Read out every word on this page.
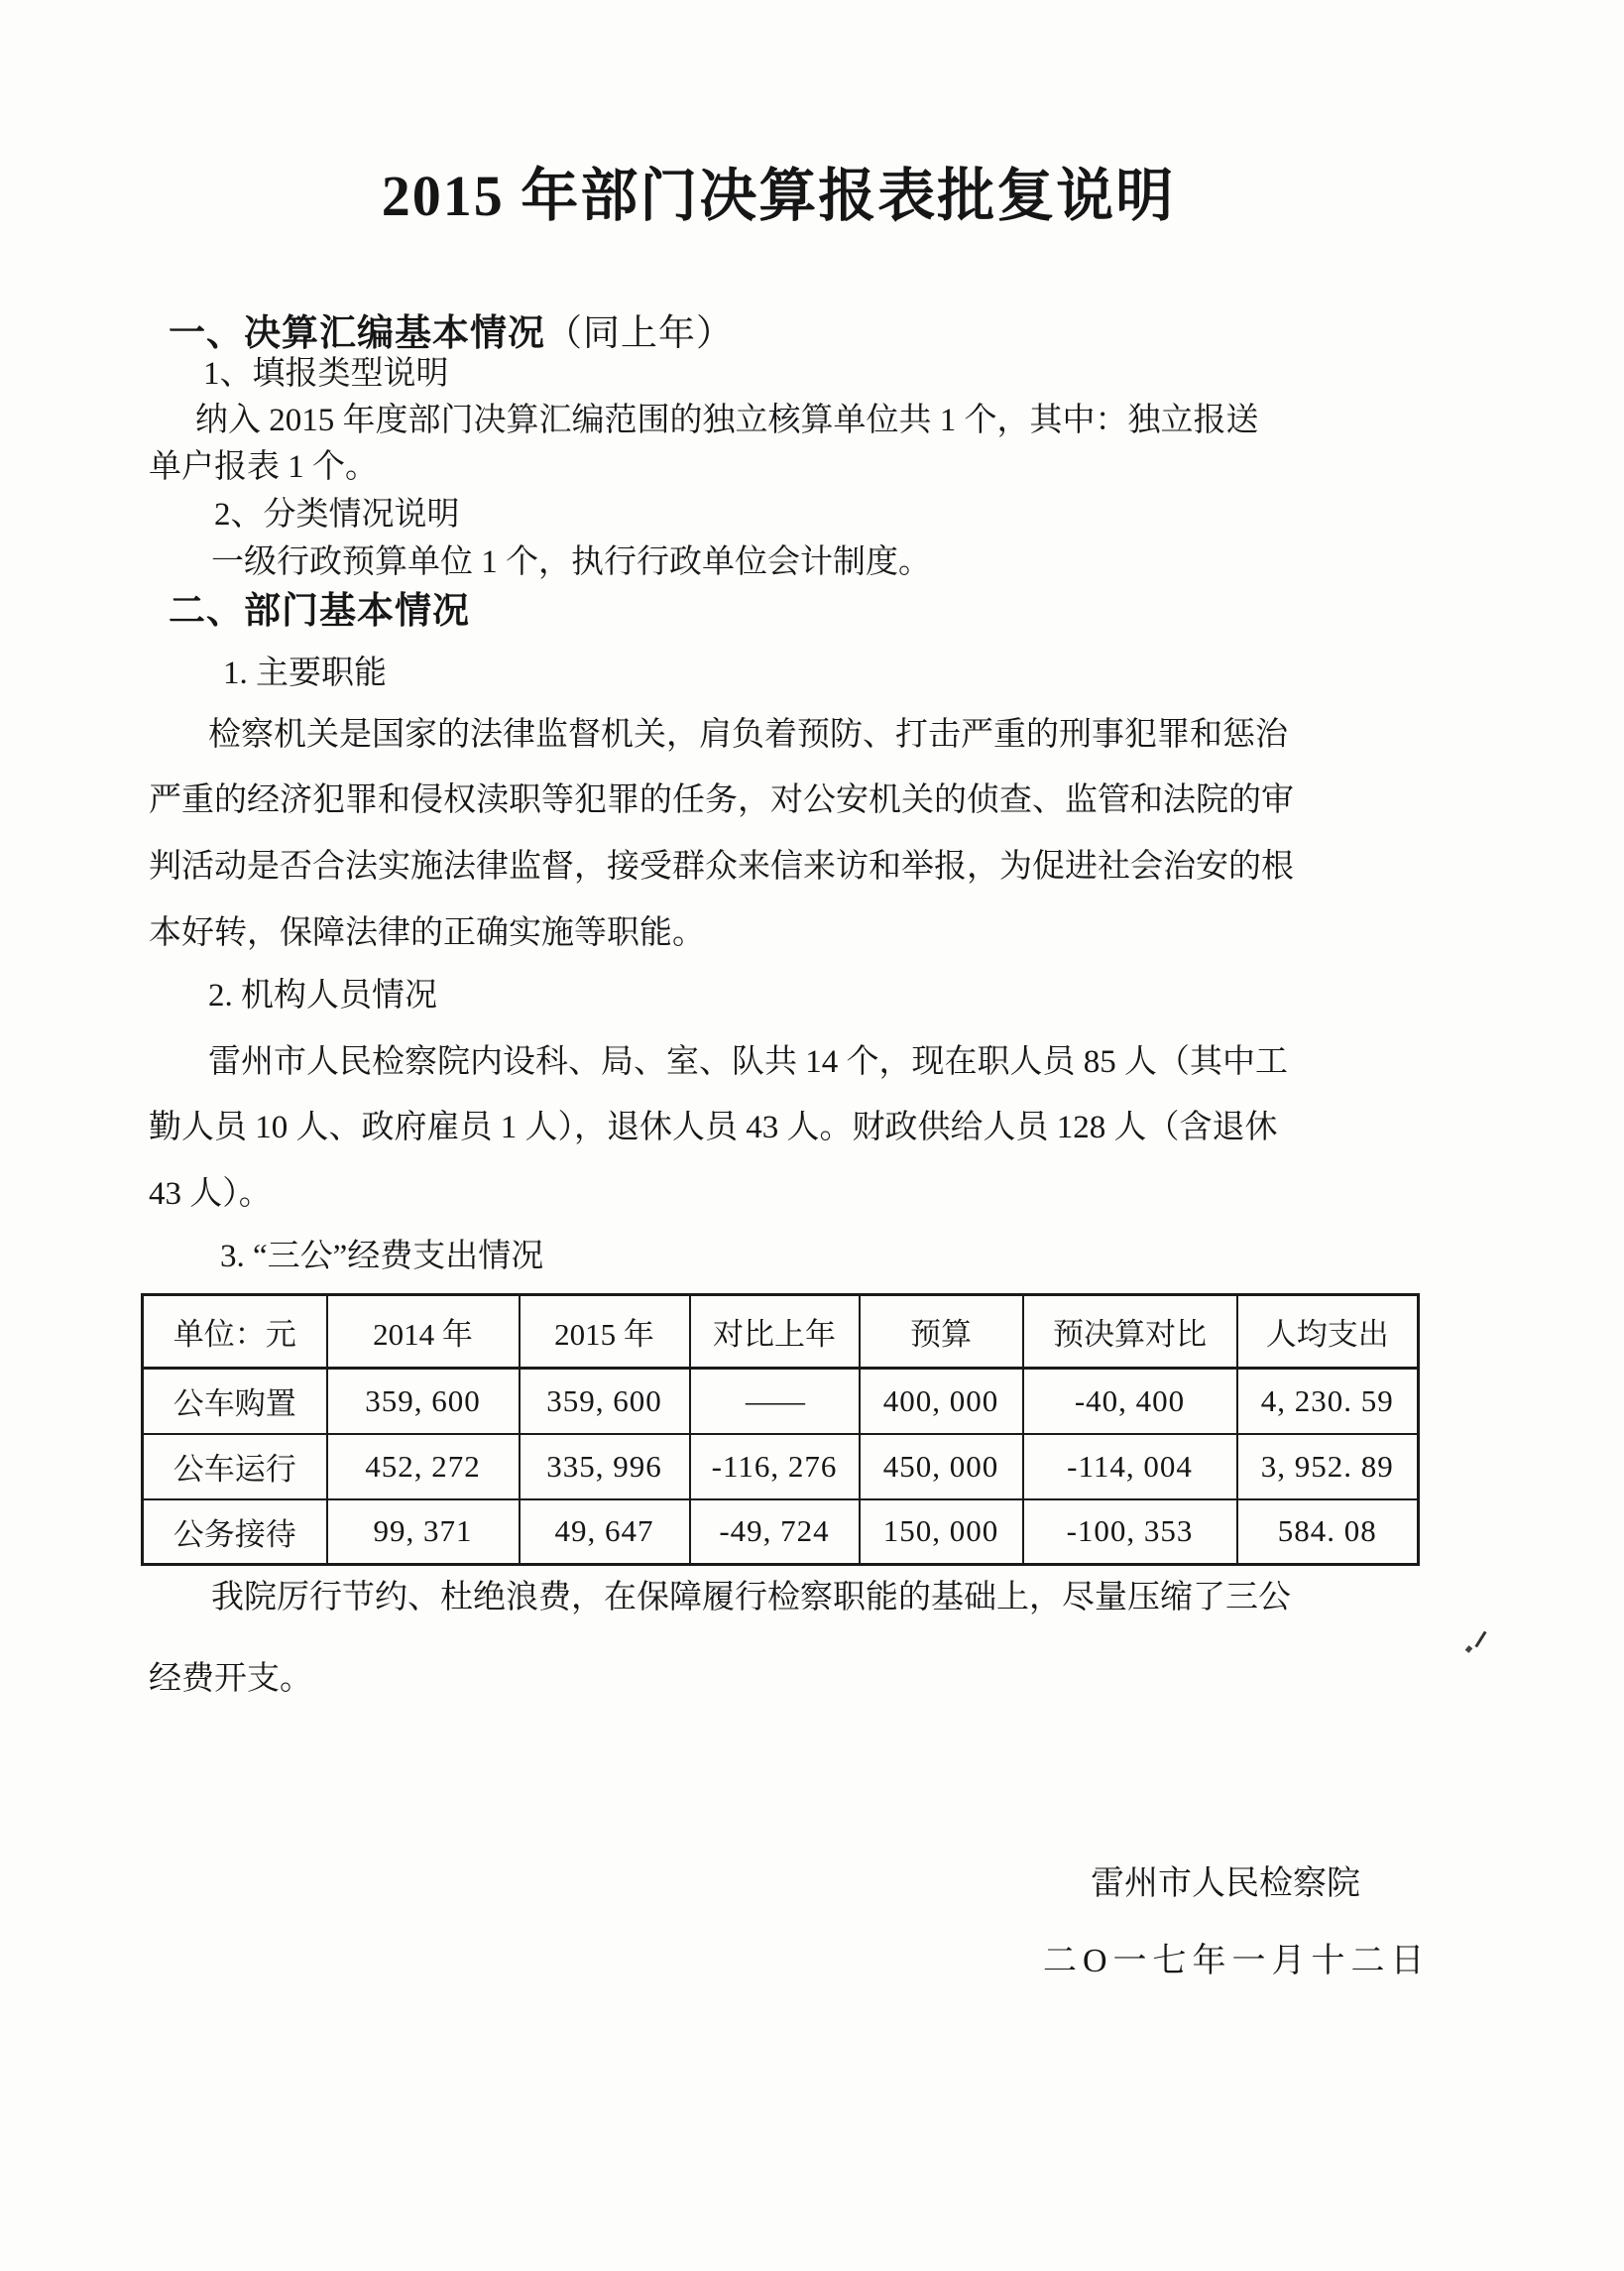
2015 年部门决算报表批复说明
一、决算汇编基本情况（同上年）
1、填报类型说明
纳入 2015 年度部门决算汇编范围的独立核算单位共 1 个，其中：独立报送
单户报表 1 个。
2、分类情况说明
一级行政预算单位 1 个，执行行政单位会计制度。
二、部门基本情况
1. 主要职能
检察机关是国家的法律监督机关，肩负着预防、打击严重的刑事犯罪和惩治
严重的经济犯罪和侵权渎职等犯罪的任务，对公安机关的侦查、监管和法院的审
判活动是否合法实施法律监督，接受群众来信来访和举报，为促进社会治安的根
本好转，保障法律的正确实施等职能。
2. 机构人员情况
雷州市人民检察院内设科、局、室、队共 14 个，现在职人员 85 人（其中工
勤人员 10 人、政府雇员 1 人），退休人员 43 人。财政供给人员 128 人（含退休
43 人）。
3. “三公”经费支出情况
单位：元	2014 年	2015 年	对比上年	预算	预决算对比	人均支出
公车购置	359, 600	359, 600	——	400, 000	-40, 400	4, 230. 59
公车运行	452, 272	335, 996	-116, 276	450, 000	-114, 004	3, 952. 89
公务接待	99, 371	49, 647	-49, 724	150, 000	-100, 353	584. 08
我院厉行节约、杜绝浪费，在保障履行检察职能的基础上，尽量压缩了三公
经费开支。
雷州市人民检察院
二O一七年一月十二日
